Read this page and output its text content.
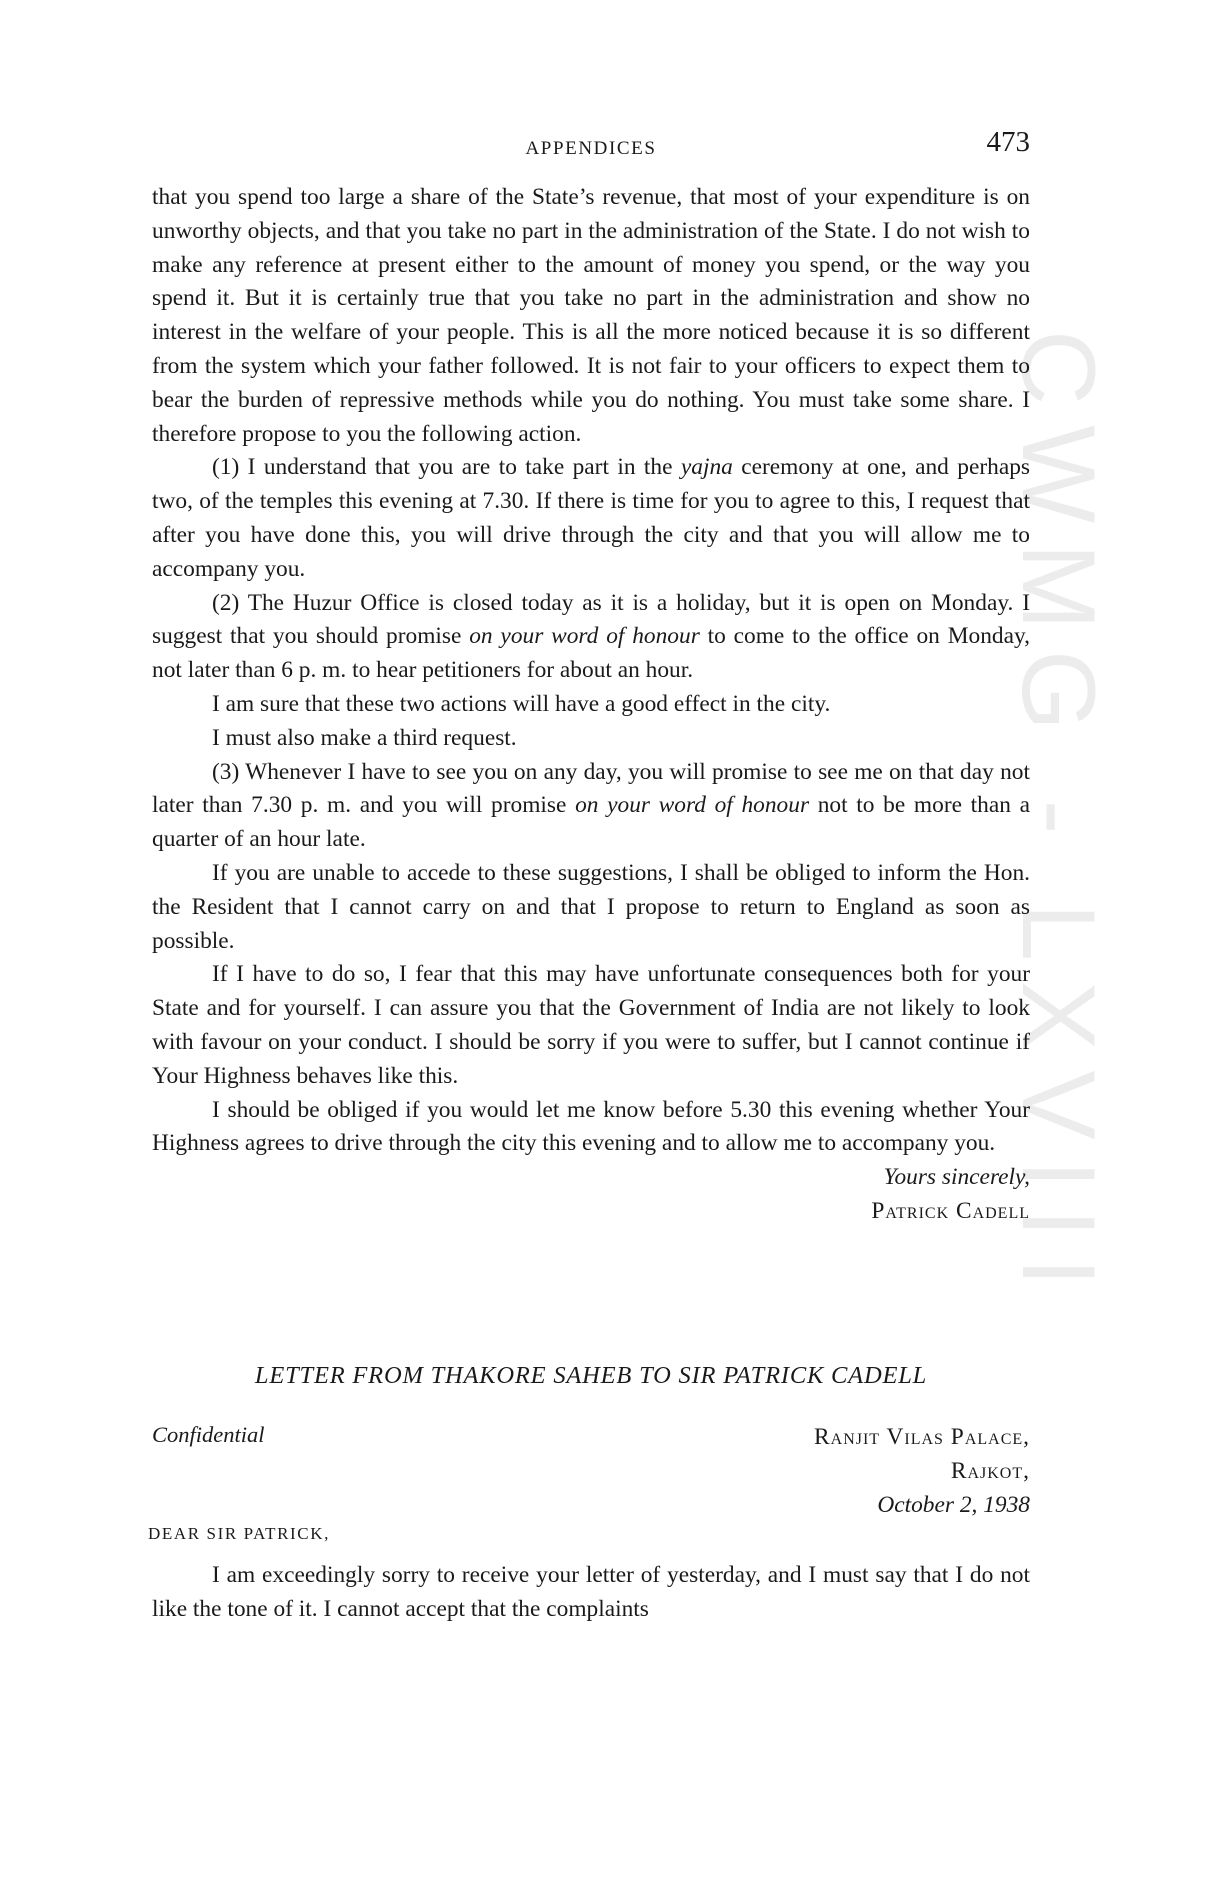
CWMG - LXVIII
APPENDICES	473

that you spend too large a share of the State’s revenue, that most of your expenditure is on unworthy objects, and that you take no part in the administration of the State. I do not wish to make any reference at present either to the amount of money you spend, or the way you spend it. But it is certainly true that you take no part in the administration and show no interest in the welfare of your people. This is all the more noticed because it is so different from the system which your father followed. It is not fair to your officers to expect them to bear the burden of repressive methods while you do nothing. You must take some share. I therefore propose to you the following action.

(1) I understand that you are to take part in the yajna ceremony at one, and perhaps two, of the temples this evening at 7.30. If there is time for you to agree to this, I request that after you have done this, you will drive through the city and that you will allow me to accompany you.

(2) The Huzur Office is closed today as it is a holiday, but it is open on Monday. I suggest that you should promise on your word of honour to come to the office on Monday, not later than 6 p. m. to hear petitioners for about an hour.

I am sure that these two actions will have a good effect in the city.

I must also make a third request.

(3) Whenever I have to see you on any day, you will promise to see me on that day not later than 7.30 p. m. and you will promise on your word of honour not to be more than a quarter of an hour late.

If you are unable to accede to these suggestions, I shall be obliged to inform the Hon. the Resident that I cannot carry on and that I propose to return to England as soon as possible.

If I have to do so, I fear that this may have unfortunate consequences both for your State and for yourself. I can assure you that the Government of India are not likely to look with favour on your conduct. I should be sorry if you were to suffer, but I cannot continue if Your Highness behaves like this.

I should be obliged if you would let me know before 5.30 this evening whether Your Highness agrees to drive through the city this evening and to allow me to accompany you.

Yours sincerely,
Patrick Cadell
LETTER FROM THAKORE SAHEB TO SIR PATRICK CADELL
Confidential	Ranjit Vilas Palace,
Rajkot,
October 2, 1938
DEAR SIR PATRICK,

I am exceedingly sorry to receive your letter of yesterday, and I must say that I do not like the tone of it. I cannot accept that the complaints
